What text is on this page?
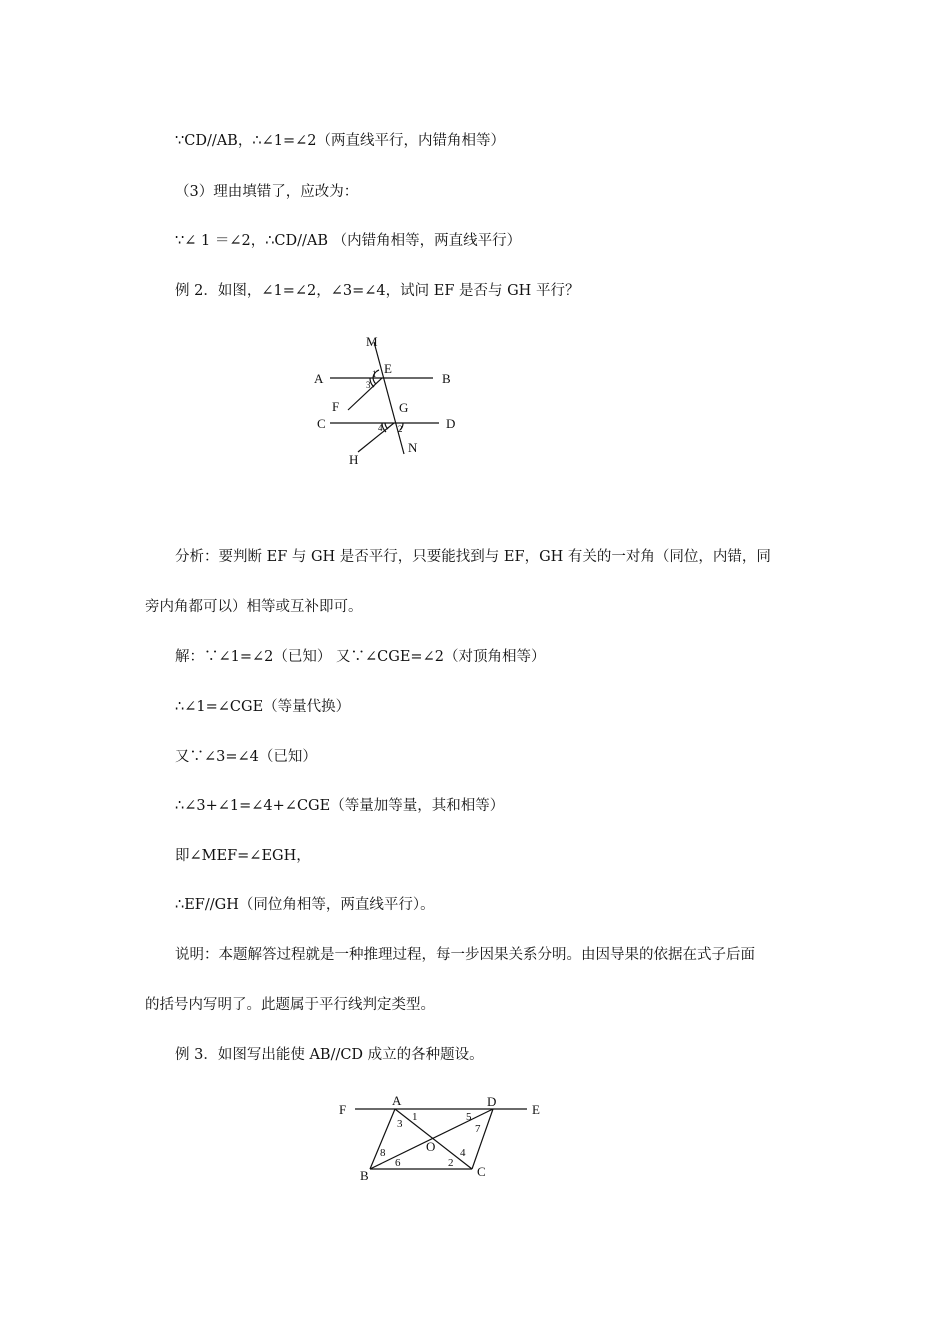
∵CD//AB，∴∠1=∠2（两直线平行，内错角相等）
（3）理由填错了，应改为：
∵∠ 1 ＝∠2，∴CD//AB （内错角相等，两直线平行）
例 2．如图，∠1=∠2，∠3=∠4，试问 EF 是否与 GH 平行？
M
E
A	B
F	G
C	D
H
N
1
3
4 2
分析：要判断 EF 与 GH 是否平行，只要能找到与 EF，GH 有关的一对角（同位，内错，同
旁内角都可以）相等或互补即可。
解：∵∠1=∠2（已知） 又∵∠CGE=∠2（对顶角相等）
∴∠1=∠CGE（等量代换）
又∵∠3=∠4（已知）
∴∠3+∠1=∠4+∠CGE（等量加等量，其和相等）
即∠MEF=∠EGH，
∴EF//GH（同位角相等，两直线平行）。
说明：本题解答过程就是一种推理过程，每一步因果关系分明。由因导果的依据在式子后面
的括号内写明了。此题属于平行线判定类型。
例 3．如图写出能使 AB//CD 成立的各种题设。
F
A	D
E
O
B	C
1	5
3	7
8	4
6	2
